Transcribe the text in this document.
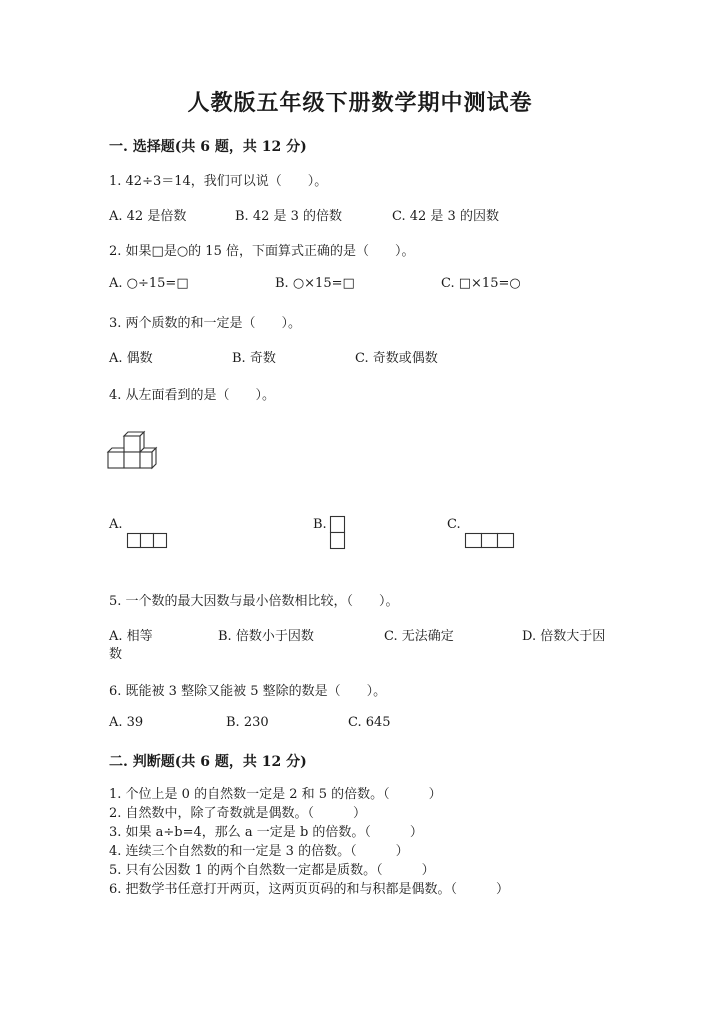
人教版五年级下册数学期中测试卷
一. 选择题(共 6 题，共 12 分)
1. 42÷3＝14，我们可以说（　　）。
A. 42 是倍数	B. 42 是 3 的倍数	C. 42 是 3 的因数
2. 如果□是○的 15 倍，下面算式正确的是（　　）。
A. ○÷15=□	B. ○×15=□	C. □×15=○
3. 两个质数的和一定是（　　）。
A. 偶数	B. 奇数	C. 奇数或偶数
4. 从左面看到的是（　　）。
A.	B.	C.
5. 一个数的最大因数与最小倍数相比较，（　　）。
A. 相等	B. 倍数小于因数	C. 无法确定	D. 倍数大于因
数
6. 既能被 3 整除又能被 5 整除的数是（　　）。
A. 39	B. 230	C. 645
二. 判断题(共 6 题，共 12 分)
1. 个位上是 0 的自然数一定是 2 和 5 的倍数。（　　　）
2. 自然数中，除了奇数就是偶数。（　　　）
3. 如果 a÷b=4，那么 a 一定是 b 的倍数。（　　　）
4. 连续三个自然数的和一定是 3 的倍数。（　　　）
5. 只有公因数 1 的两个自然数一定都是质数。（　　　）
6. 把数学书任意打开两页，这两页页码的和与积都是偶数。（　　　）
